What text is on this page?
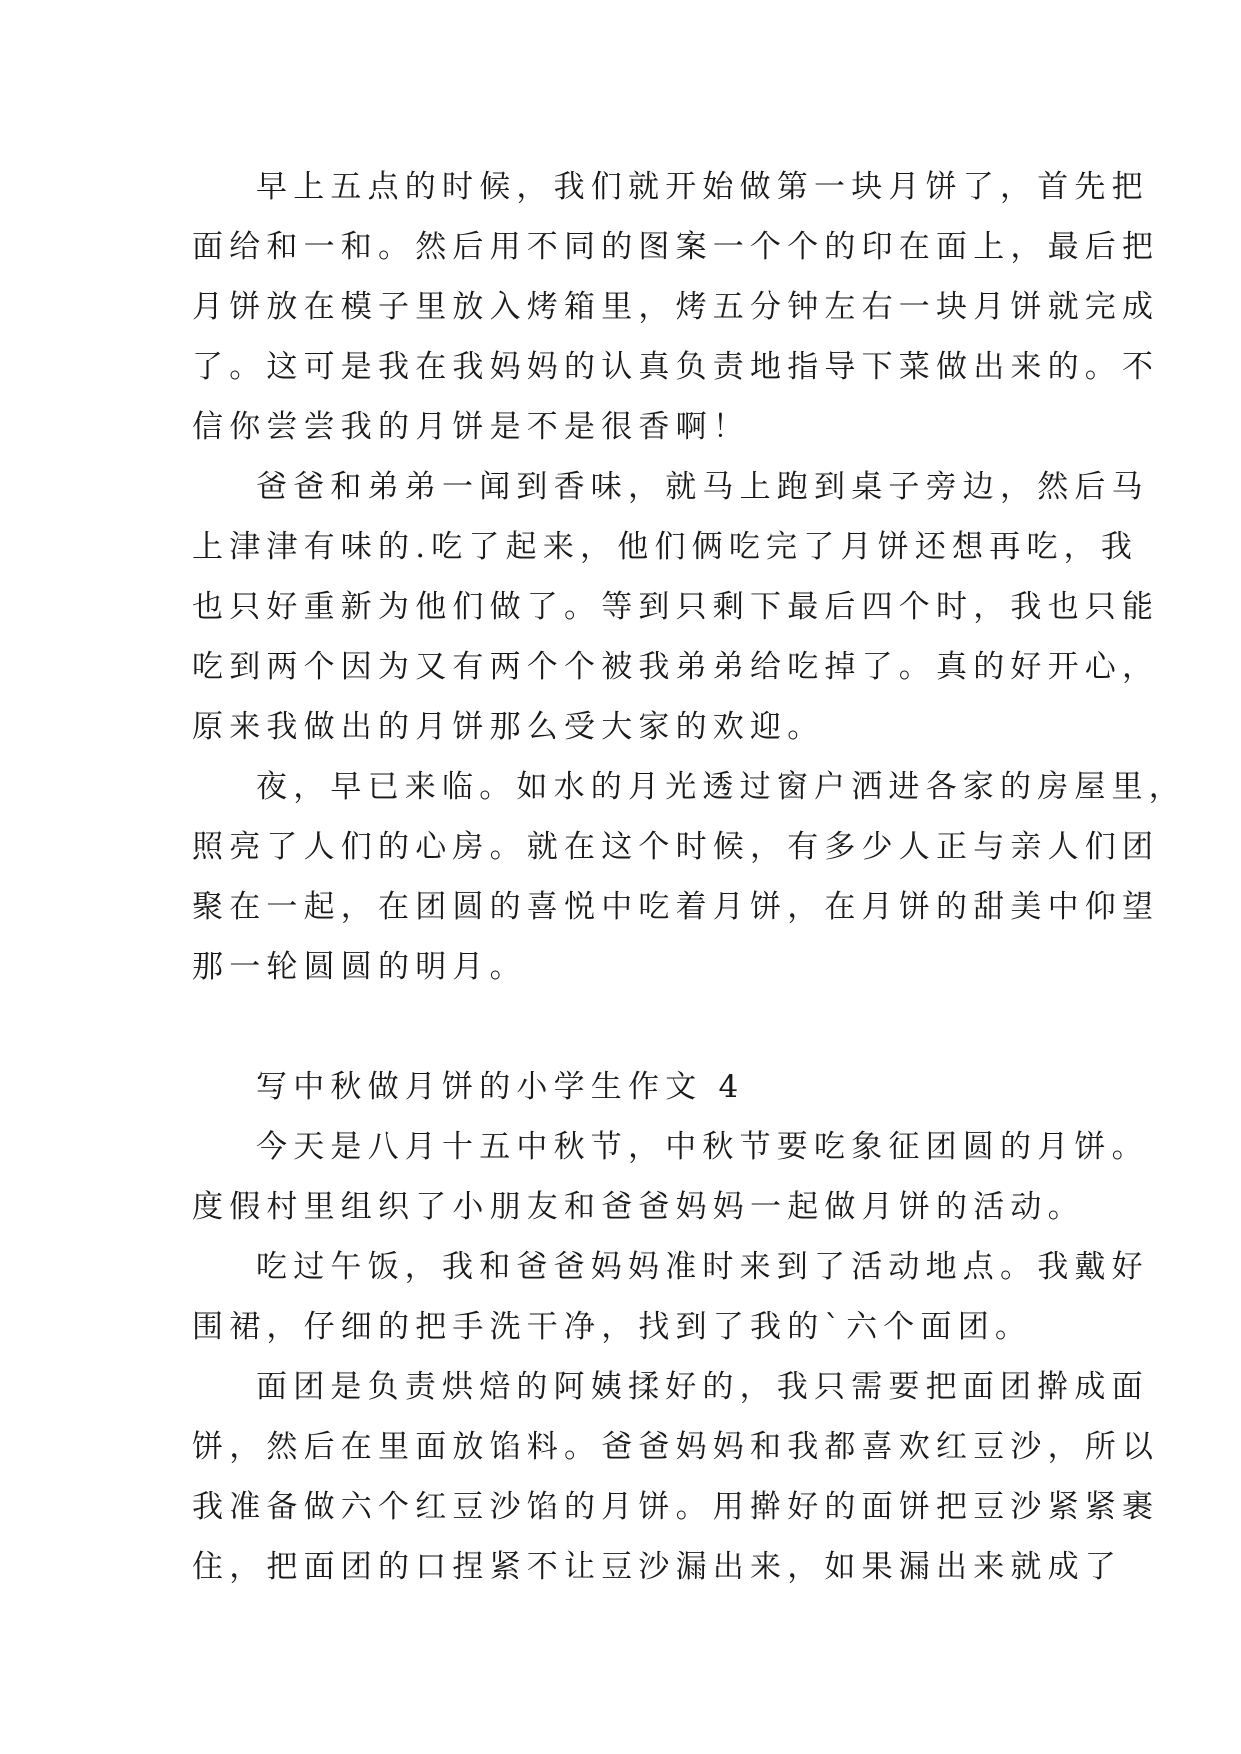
早上五点的时候，我们就开始做第一块月饼了，首先把
面给和一和。然后用不同的图案一个个的印在面上，最后把
月饼放在模子里放入烤箱里，烤五分钟左右一块月饼就完成
了。这可是我在我妈妈的认真负责地指导下菜做出来的。不
信你尝尝我的月饼是不是很香啊！
爸爸和弟弟一闻到香味，就马上跑到桌子旁边，然后马
上津津有味的.吃了起来，他们俩吃完了月饼还想再吃，我
也只好重新为他们做了。等到只剩下最后四个时，我也只能
吃到两个因为又有两个个被我弟弟给吃掉了。真的好开心，
原来我做出的月饼那么受大家的欢迎。
夜，早已来临。如水的月光透过窗户洒进各家的房屋里，
照亮了人们的心房。就在这个时候，有多少人正与亲人们团
聚在一起，在团圆的喜悦中吃着月饼，在月饼的甜美中仰望
那一轮圆圆的明月。
写中秋做月饼的小学生作文 4
今天是八月十五中秋节，中秋节要吃象征团圆的月饼。
度假村里组织了小朋友和爸爸妈妈一起做月饼的活动。
吃过午饭，我和爸爸妈妈准时来到了活动地点。我戴好
围裙，仔细的把手洗干净，找到了我的`六个面团。
面团是负责烘焙的阿姨揉好的，我只需要把面团擀成面
饼，然后在里面放馅料。爸爸妈妈和我都喜欢红豆沙，所以
我准备做六个红豆沙馅的月饼。用擀好的面饼把豆沙紧紧裹
住，把面团的口捏紧不让豆沙漏出来，如果漏出来就成了
